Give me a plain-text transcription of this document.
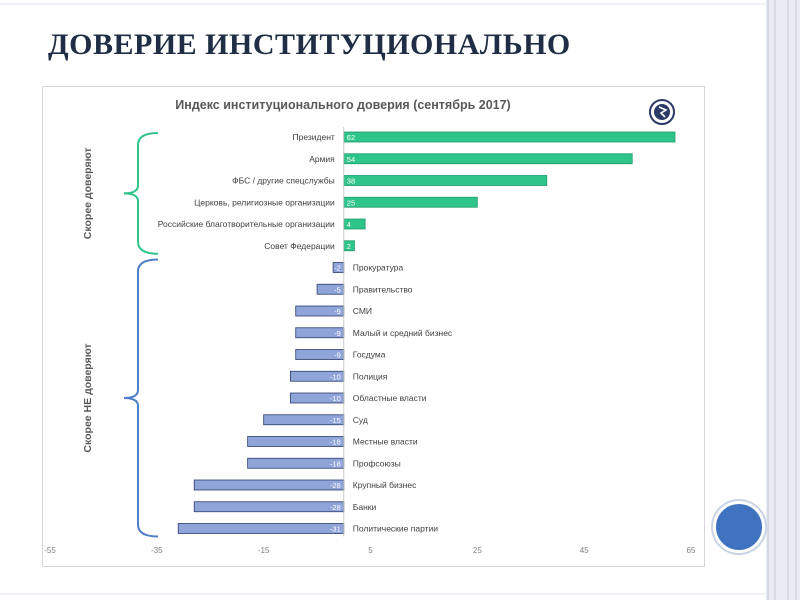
ДОВЕРИЕ ИНСТИТУЦИОНАЛЬНО
Индекс институционального доверия (сентябрь 2017)
Скорее доверяют
Скорее НЕ доверяют
62
Президент
54
Армия
38
ФБС / другие спецслужбы
25
Церковь, религиозные организации
4
Российские благотворительные организации
2
Совет Федерации
-2 Прокуратура
-5 Правительство
-9 СМИ
-9 Малый и средний бизнес
-9 Госдума
-10 Полиция
-10 Областные власти
-15 Суд
-18 Местные власти
-18 Профсоюзы
-28 Крупный бизнес
-28 Банки
-31 Политические партии
-55	-35	-15	5	25	45	65
